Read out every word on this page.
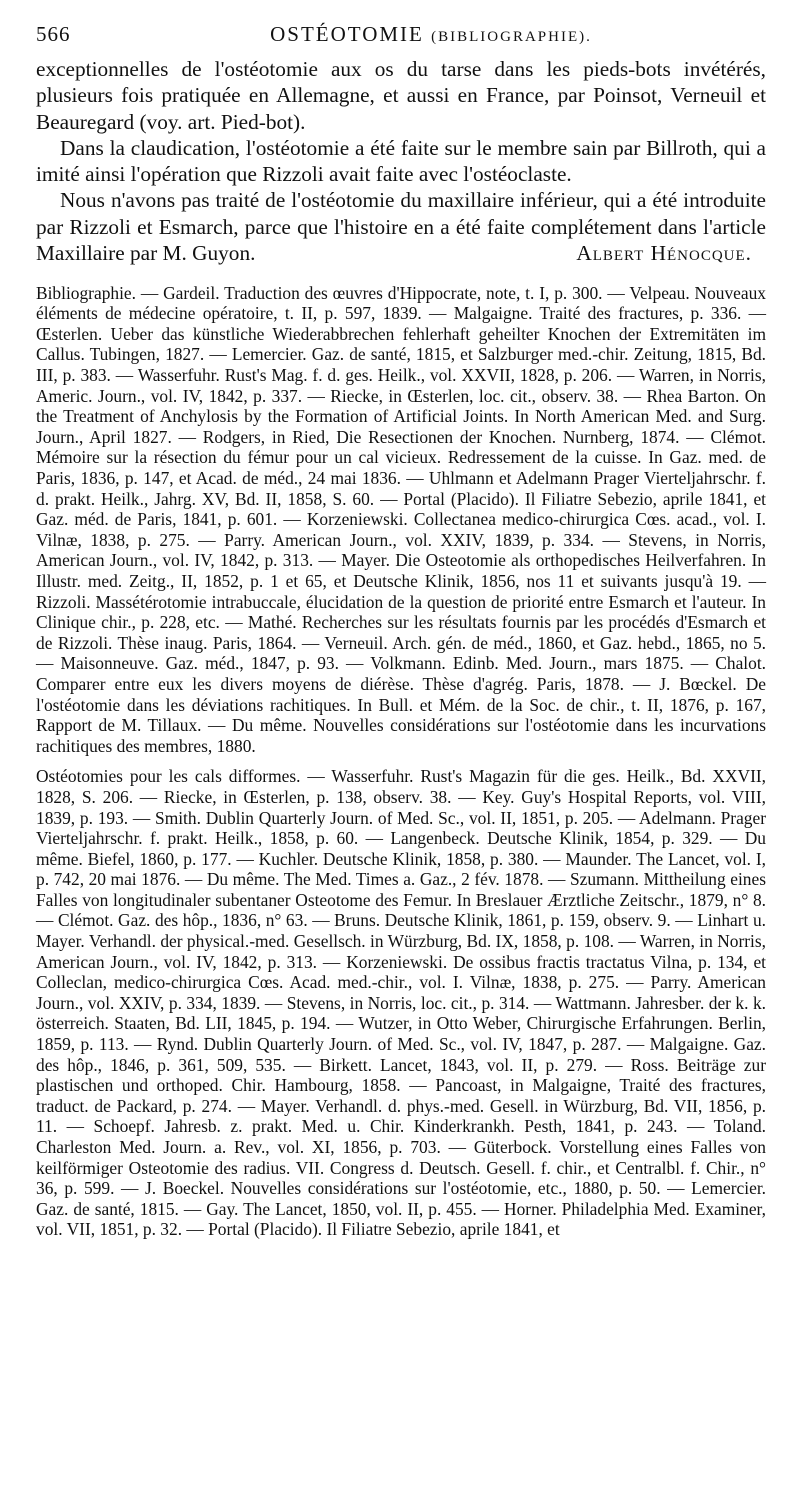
566	OSTÉOTOMIE (BIBLIOGRAPHIE).

exceptionnelles de l'ostéotomie aux os du tarse dans les pieds-bots invétérés, plusieurs fois pratiquée en Allemagne, et aussi en France, par Poinsot, Verneuil et Beauregard (voy. art. Pied-bot).

Dans la claudication, l'ostéotomie a été faite sur le membre sain par Billroth, qui a imité ainsi l'opération que Rizzoli avait faite avec l'ostéoclaste.

Nous n'avons pas traité de l'ostéotomie du maxillaire inférieur, qui a été introduite par Rizzoli et Esmarch, parce que l'histoire en a été faite complétement dans l'article Maxillaire par M. Guyon.	Albert Hénocque.

Bibliographie. — Gardeil. Traduction des œuvres d'Hippocrate, note, t. I, p. 300. — Velpeau. Nouveaux éléments de médecine opératoire, t. II, p. 597, 1839. — Malgaigne. Traité des fractures, p. 336. — Œsterlen. Ueber das künstliche Wiederabbrechen fehlerhaft geheilter Knochen der Extremitäten im Callus. Tubingen, 1827. — Lemercier. Gaz. de santé, 1815, et Salzburger med.-chir. Zeitung, 1815, Bd. III, p. 383. — Wasserfuhr. Rust's Mag. f. d. ges. Heilk., vol. XXVII, 1828, p. 206. — Warren, in Norris, Americ. Journ., vol. IV, 1842, p. 337. — Riecke, in Œsterlen, loc. cit., observ. 38. — Rhea Barton. On the Treatment of Anchylosis by the Formation of Artificial Joints. In North American Med. and Surg. Journ., April 1827. — Rodgers, in Ried, Die Resectionen der Knochen. Nurnberg, 1874. — Clémot. Mémoire sur la résection du fémur pour un cal vicieux. Redressement de la cuisse. In Gaz. med. de Paris, 1836, p. 147, et Acad. de méd., 24 mai 1836. — Uhlmann et Adelmann Prager Vierteljahrschr. f. d. prakt. Heilk., Jahrg. XV, Bd. II, 1858, S. 60. — Portal (Placido). Il Filiatre Sebezio, aprile 1841, et Gaz. méd. de Paris, 1841, p. 601. — Korzeniewski. Collectanea medico-chirurgica Cœs. acad., vol. I. Vilnæ, 1838, p. 275. — Parry. American Journ., vol. XXIV, 1839, p. 334. — Stevens, in Norris, American Journ., vol. IV, 1842, p. 313. — Mayer. Die Osteotomie als orthopedisches Heilverfahren. In Illustr. med. Zeitg., II, 1852, p. 1 et 65, et Deutsche Klinik, 1856, nos 11 et suivants jusqu'à 19. — Rizzoli. Massétérotomie intrabuccale, élucidation de la question de priorité entre Esmarch et l'auteur. In Clinique chir., p. 228, etc. — Mathé. Recherches sur les résultats fournis par les procédés d'Esmarch et de Rizzoli. Thèse inaug. Paris, 1864. — Verneuil. Arch. gén. de méd., 1860, et Gaz. hebd., 1865, no 5. — Maisonneuve. Gaz. méd., 1847, p. 93. — Volkmann. Edinb. Med. Journ., mars 1875. — Chalot. Comparer entre eux les divers moyens de diérèse. Thèse d'agrég. Paris, 1878. — J. Bœckel. De l'ostéotomie dans les déviations rachitiques. In Bull. et Mém. de la Soc. de chir., t. II, 1876, p. 167, Rapport de M. Tillaux. — Du même. Nouvelles considérations sur l'ostéotomie dans les incurvations rachitiques des membres, 1880.

Ostéotomies pour les cals difformes. — Wasserfuhr. Rust's Magazin für die ges. Heilk., Bd. XXVII, 1828, S. 206. — Riecke, in Œsterlen, p. 138, observ. 38. — Key. Guy's Hospital Reports, vol. VIII, 1839, p. 193. — Smith. Dublin Quarterly Journ. of Med. Sc., vol. II, 1851, p. 205. — Adelmann. Prager Vierteljahrschr. f. prakt. Heilk., 1858, p. 60. — Langenbeck. Deutsche Klinik, 1854, p. 329. — Du même. Biefel, 1860, p. 177. — Kuchler. Deutsche Klinik, 1858, p. 380. — Maunder. The Lancet, vol. I, p. 742, 20 mai 1876. — Du même. The Med. Times a. Gaz., 2 fév. 1878. — Szumann. Mittheilung eines Falles von longitudinaler subentaner Osteotome des Femur. In Breslauer Ærztliche Zeitschr., 1879, n° 8. — Clémot. Gaz. des hôp., 1836, n° 63. — Bruns. Deutsche Klinik, 1861, p. 159, observ. 9. — Linhart u. Mayer. Verhandl. der physical.-med. Gesellsch. in Würzburg, Bd. IX, 1858, p. 108. — Warren, in Norris, American Journ., vol. IV, 1842, p. 313. — Korzeniewski. De ossibus fractis tractatus Vilna, p. 134, et Colleclan, medico-chirurgica Cœs. Acad. med.-chir., vol. I. Vilnæ, 1838, p. 275. — Parry. American Journ., vol. XXIV, p. 334, 1839. — Stevens, in Norris, loc. cit., p. 314. — Wattmann. Jahresber. der k. k. österreich. Staaten, Bd. LII, 1845, p. 194. — Wutzer, in Otto Weber, Chirurgische Erfahrungen. Berlin, 1859, p. 113. — Rynd. Dublin Quarterly Journ. of Med. Sc., vol. IV, 1847, p. 287. — Malgaigne. Gaz. des hôp., 1846, p. 361, 509, 535. — Birkett. Lancet, 1843, vol. II, p. 279. — Ross. Beiträge zur plastischen und orthoped. Chir. Hambourg, 1858. — Pancoast, in Malgaigne, Traité des fractures, traduct. de Packard, p. 274. — Mayer. Verhandl. d. phys.-med. Gesell. in Würzburg, Bd. VII, 1856, p. 11. — Schoepf. Jahresb. z. prakt. Med. u. Chir. Kinderkrankh. Pesth, 1841, p. 243. — Toland. Charleston Med. Journ. a. Rev., vol. XI, 1856, p. 703. — Güterbock. Vorstellung eines Falles von keilförmiger Osteotomie des radius. VII. Congress d. Deutsch. Gesell. f. chir., et Centralbl. f. Chir., n° 36, p. 599. — J. Boeckel. Nouvelles considérations sur l'ostéotomie, etc., 1880, p. 50. — Lemercier. Gaz. de santé, 1815. — Gay. The Lancet, 1850, vol. II, p. 455. — Horner. Philadelphia Med. Examiner, vol. VII, 1851, p. 32. — Portal (Placido). Il Filiatre Sebezio, aprile 1841, et
